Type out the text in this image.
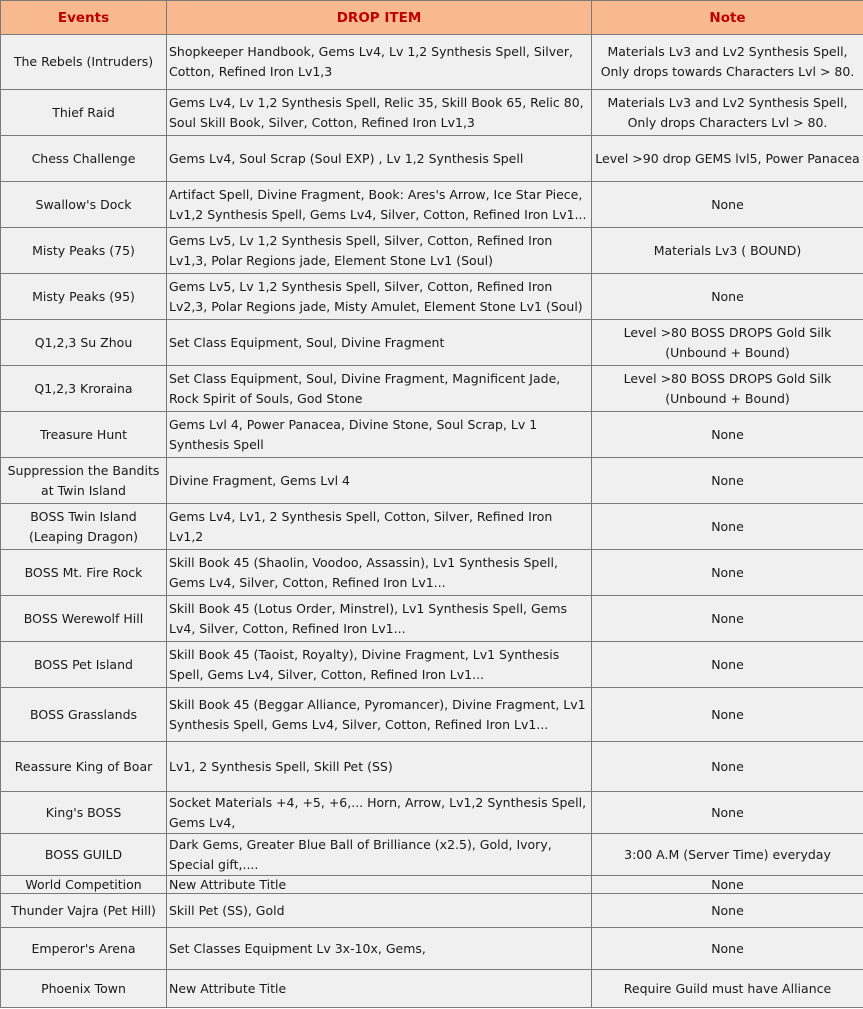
Events	DROP ITEM	Note
The Rebels (Intruders)	Shopkeeper Handbook, Gems Lv4, Lv 1,2 Synthesis Spell, Silver, Cotton, Refined Iron Lv1,3	Materials Lv3 and Lv2 Synthesis Spell, Only drops towards Characters Lvl > 80.
Thief Raid	Gems Lv4, Lv 1,2 Synthesis Spell, Relic 35, Skill Book 65, Relic 80, Soul Skill Book, Silver, Cotton, Refined Iron Lv1,3	Materials Lv3 and Lv2 Synthesis Spell, Only drops Characters Lvl > 80.
Chess Challenge	Gems Lv4, Soul Scrap (Soul EXP) , Lv 1,2 Synthesis Spell	Level >90 drop GEMS lvl5, Power Panacea
Swallow's Dock	Artifact Spell, Divine Fragment, Book: Ares's Arrow, Ice Star Piece, Lv1,2 Synthesis Spell, Gems Lv4, Silver, Cotton, Refined Iron Lv1...	None
Misty Peaks (75)	Gems Lv5, Lv 1,2 Synthesis Spell, Silver, Cotton, Refined Iron Lv1,3, Polar Regions jade, Element Stone Lv1 (Soul)	Materials Lv3 ( BOUND)
Misty Peaks (95)	Gems Lv5, Lv 1,2 Synthesis Spell, Silver, Cotton, Refined Iron Lv2,3, Polar Regions jade, Misty Amulet, Element Stone Lv1 (Soul)	None
Q1,2,3 Su Zhou	Set Class Equipment, Soul, Divine Fragment	Level >80 BOSS DROPS Gold Silk (Unbound + Bound)
Q1,2,3 Kroraina	Set Class Equipment, Soul, Divine Fragment, Magnificent Jade, Rock Spirit of Souls, God Stone	Level >80 BOSS DROPS Gold Silk (Unbound + Bound)
Treasure Hunt	Gems Lvl 4, Power Panacea, Divine Stone, Soul Scrap, Lv 1 Synthesis Spell	None
Suppression the Bandits at Twin Island	Divine Fragment, Gems Lvl 4	None
BOSS Twin Island (Leaping Dragon)	Gems Lv4, Lv1, 2 Synthesis Spell, Cotton, Silver, Refined Iron Lv1,2	None
BOSS Mt. Fire Rock	Skill Book 45 (Shaolin, Voodoo, Assassin), Lv1 Synthesis Spell, Gems Lv4, Silver, Cotton, Refined Iron Lv1...	None
BOSS Werewolf Hill	Skill Book 45 (Lotus Order, Minstrel), Lv1 Synthesis Spell, Gems Lv4, Silver, Cotton, Refined Iron Lv1...	None
BOSS Pet Island	Skill Book 45 (Taoist, Royalty), Divine Fragment, Lv1 Synthesis Spell, Gems Lv4, Silver, Cotton, Refined Iron Lv1...	None
BOSS Grasslands	Skill Book 45 (Beggar Alliance, Pyromancer), Divine Fragment, Lv1 Synthesis Spell, Gems Lv4, Silver, Cotton, Refined Iron Lv1...	None
Reassure King of Boar	Lv1, 2 Synthesis Spell, Skill Pet (SS)	None
King's BOSS	Socket Materials +4, +5, +6,... Horn, Arrow, Lv1,2 Synthesis Spell, Gems Lv4,	None
BOSS GUILD	Dark Gems, Greater Blue Ball of Brilliance (x2.5), Gold, Ivory, Special gift,....	3:00 A.M (Server Time) everyday
World Competition	New Attribute Title	None
Thunder Vajra (Pet Hill)	Skill Pet (SS), Gold	None
Emperor's Arena	Set Classes Equipment Lv 3x-10x, Gems,	None
Phoenix Town	New Attribute Title	Require Guild must have Alliance
